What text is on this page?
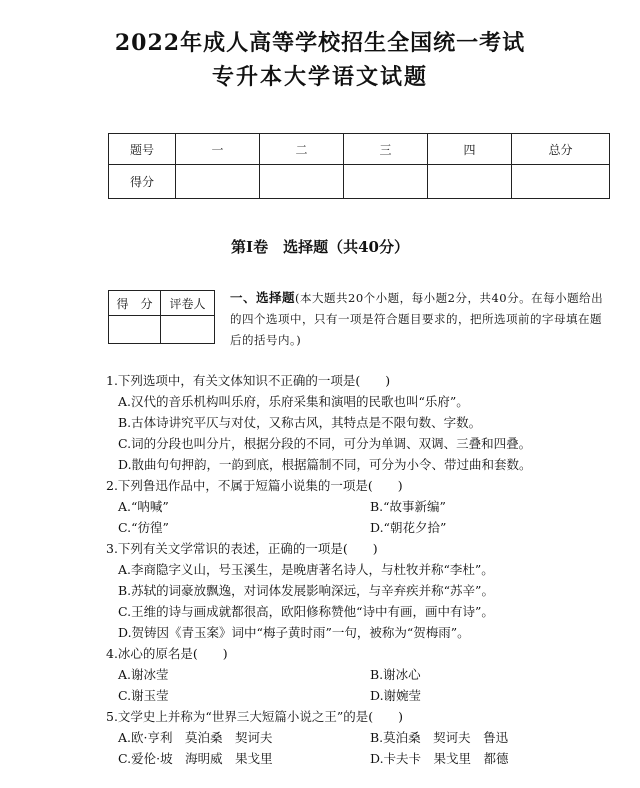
2022年成人高等学校招生全国统一考试
专升本大学语文试题
题号	一	二	三	四	总分
得分					
第Ⅰ卷　选择题（共40分）
得　分	评卷人
	一、选择题(本大题共20个小题，每小题2分，共40分。在每小题给出的四个选项中，只有一项是符合题目要求的，把所选项前的字母填在题后的括号内。)
1.下列选项中，有关文体知识不正确的一项是(　　)
A.汉代的音乐机构叫乐府，乐府采集和演唱的民歌也叫“乐府”。
B.古体诗讲究平仄与对仗，又称古风，其特点是不限句数、字数。
C.词的分段也叫分片，根据分段的不同，可分为单调、双调、三叠和四叠。
D.散曲句句押韵，一韵到底，根据篇制不同，可分为小令、带过曲和套数。
2.下列鲁迅作品中，不属于短篇小说集的一项是(　　)
A.“呐喊”	B.“故事新编”
C.“彷徨”	D.“朝花夕拾”
3.下列有关文学常识的表述，正确的一项是(　　)
A.李商隐字义山，号玉溪生，是晚唐著名诗人，与杜牧并称“李杜”。
B.苏轼的词豪放飘逸，对词体发展影响深远，与辛弃疾并称“苏辛”。
C.王维的诗与画成就都很高，欧阳修称赞他“诗中有画，画中有诗”。
D.贺铸因《青玉案》词中“梅子黄时雨”一句，被称为“贺梅雨”。
4.冰心的原名是(　　)
A.谢冰莹	B.谢冰心
C.谢玉莹	D.谢婉莹
5.文学史上并称为“世界三大短篇小说之王”的是(　　)
A.欧·亨利　莫泊桑　契诃夫	B.莫泊桑　契诃夫　鲁迅
C.爱伦·坡　海明威　果戈里	D.卡夫卡　果戈里　都德
